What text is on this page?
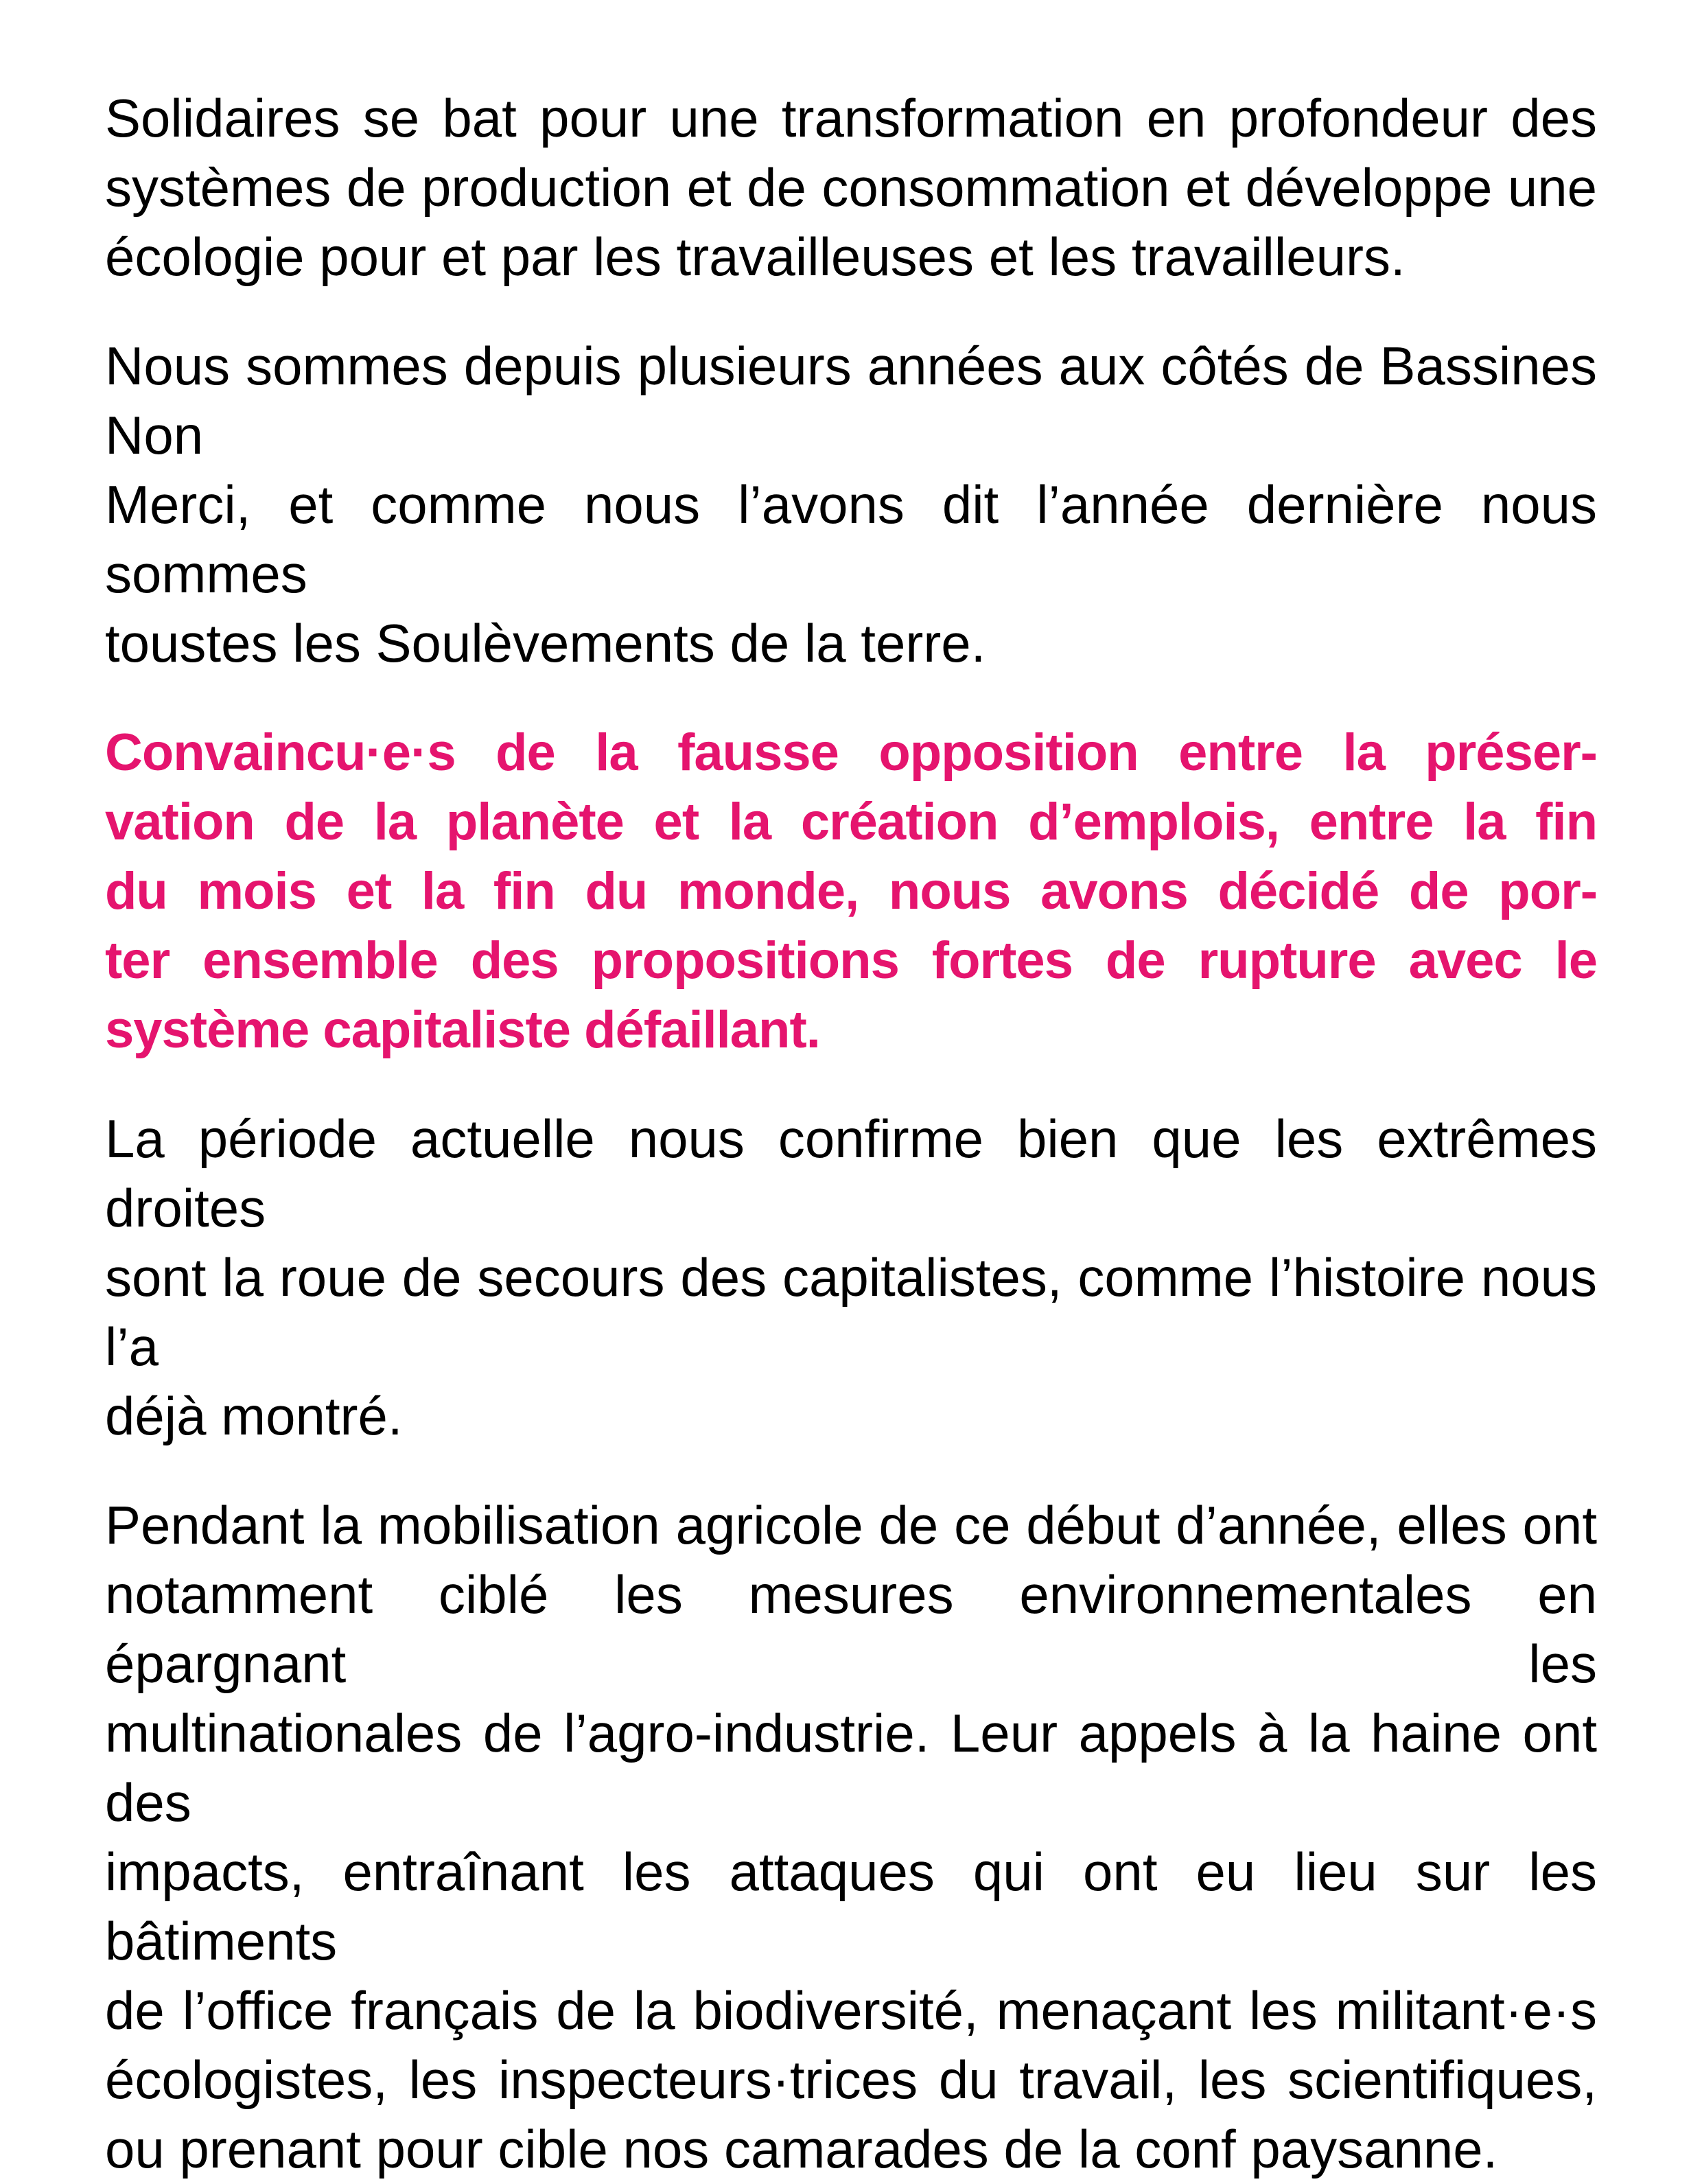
Solidaires se bat pour une transformation en profondeur des
systèmes de production et de consommation et développe une
écologie pour et par les travailleuses et les travailleurs.

Nous sommes depuis plusieurs années aux côtés de Bassines Non
Merci, et comme nous l’avons dit l’année dernière nous sommes
toustes les Soulèvements de la terre.

Convaincu·e·s de la fausse opposition entre la préser-
vation de la planète et la création d’emplois, entre la fin
du mois et la fin du monde, nous avons décidé de por-
ter ensemble des propositions fortes de rupture avec le
système capitaliste défaillant.

La période actuelle nous confirme bien que les extrêmes droites
sont la roue de secours des capitalistes, comme l’histoire nous l’a
déjà montré.

Pendant la mobilisation agricole de ce début d’année, elles ont
notamment ciblé les mesures environnementales en épargnant les
multinationales de l’agro-industrie. Leur appels à la haine ont des
impacts, entraînant les attaques qui ont eu lieu sur les bâtiments
de l’office français de la biodiversité, menaçant les militant·e·s
écologistes, les inspecteurs·trices du travail, les scientifiques,
ou prenant pour cible nos camarades de la conf paysanne.
